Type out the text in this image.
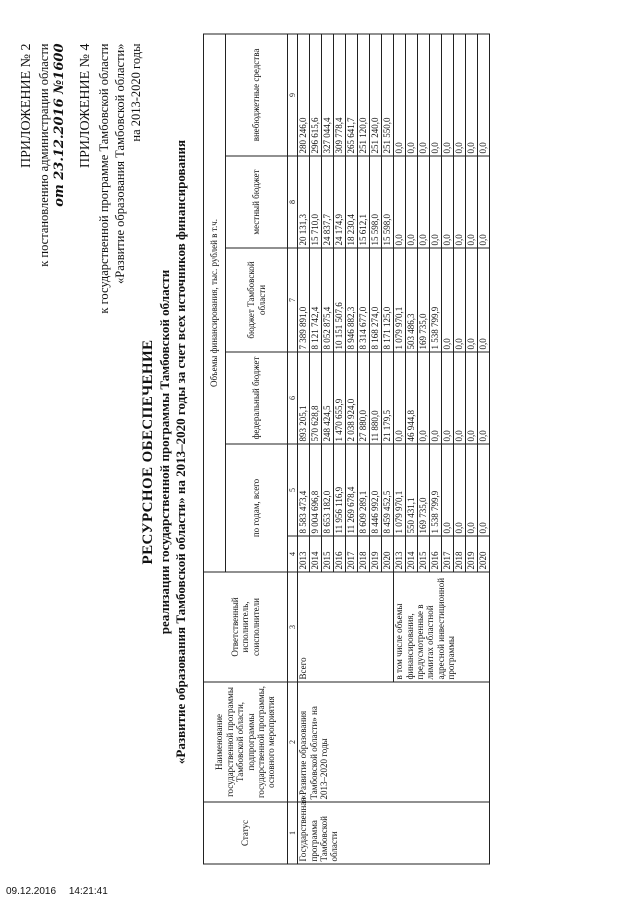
ПРИЛОЖЕНИЕ № 2 к постановлению администрации области от 23.12.2016 №1600 ПРИЛОЖЕНИЕ № 4 к государственной программе Тамбовской области «Развитие образования Тамбовской области» на 2013-2020 годы
РЕСУРСНОЕ ОБЕСПЕЧЕНИЕ реализации государственной программы Тамбовской области «Развитие образования Тамбовской области» на 2013–2020 годы за счет всех источников финансирования
Статус	Наименование государственной программы Тамбовской области, подпрограммы государственной программы, основного мероприятия	Ответственный исполнитель, соисполнители	Объемы финансирования, тыс. рублей в т.ч.					
			по годам, всего		федеральный бюджет	бюджет Тамбовской области	местный бюджет	внебюджетные средства
1	2	3	4	5	6	7	8	9
Государственная программа Тамбовской области	«Развитие образования Тамбовской области» на 2013–2020 годы	Всего	2013	8 583 473,4	893 205,1	7 389 891,0	20 131,3	280 246,0
			2014	9 004 696,8	570 628,8	8 121 742,4	15 710,0	296 615,6
			2015	8 653 182,0	248 424,5	8 052 875,4	24 837,7	327 044,4
			2016	11 956 116,9	1 470 655,9	10 151 507,6	24 174,9	309 778,4
			2017	11 269 678,4	2 038 924,0	8 946 882,3	18 230,4	265 641,7
			2018	8 609 289,1	27 880,0	8 314 677,0	15 612,1	251 120,0
			2019	8 446 992,0	11 880,0	8 168 274,0	15 598,0	251 240,0
			2020	8 459 452,5	21 179,5	8 171 125,0	15 598,0	251 550,0
		в том числе объемы финансирования, предусмотренные в лимитах областной адресной инвестиционной программы	2013	1 079 970,1	0,0	1 079 970,1	0,0	0,0
			2014	550 431,1	46 944,8	503 486,3	0,0	0,0
			2015	169 735,0	0,0	169 735,0	0,0	0,0
			2016	1 538 799,9	0,0	1 538 799,9	0,0	0,0
			2017	0,0	0,0	0,0	0,0	0,0
			2018	0,0	0,0	0,0	0,0	0,0
			2019	0,0	0,0	0,0	0,0	0,0
			2020	0,0	0,0	0,0	0,0	0,0
09.12.2016 14:21:41
